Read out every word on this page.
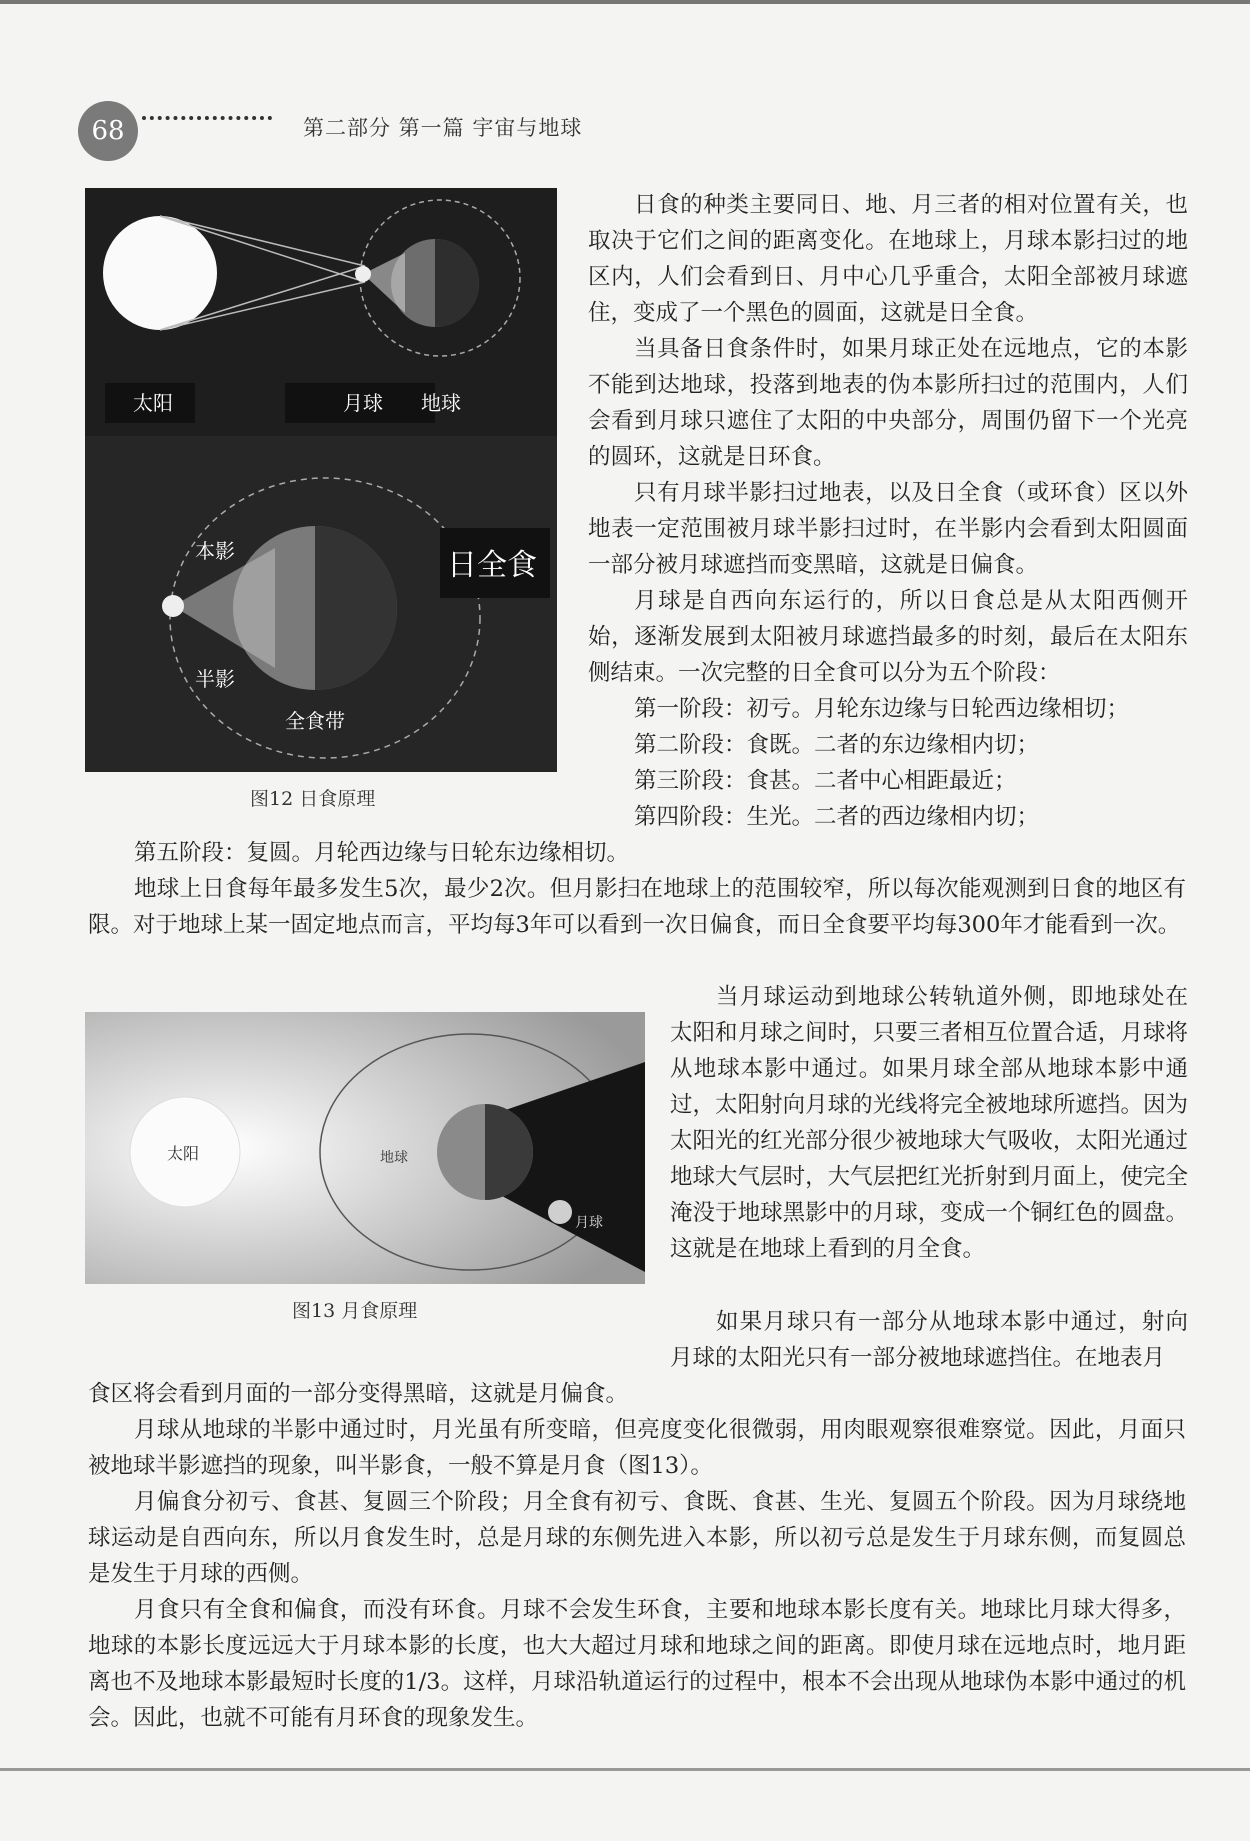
68	第二部分 第一篇 宇宙与地球
太阳	月球 地球
本影
半影
全食带
日全食
图12 日食原理

日食的种类主要同日、地、月三者的相对位置有关，也取决于它们之间的距离变化。在地球上，月球本影扫过的地区内，人们会看到日、月中心几乎重合，太阳全部被月球遮住，变成了一个黑色的圆面，这就是日全食。

当具备日食条件时，如果月球正处在远地点，它的本影不能到达地球，投落到地表的伪本影所扫过的范围内，人们会看到月球只遮住了太阳的中央部分，周围仍留下一个光亮的圆环，这就是日环食。

只有月球半影扫过地表，以及日全食（或环食）区以外地表一定范围被月球半影扫过时，在半影内会看到太阳圆面一部分被月球遮挡而变黑暗，这就是日偏食。

月球是自西向东运行的，所以日食总是从太阳西侧开始，逐渐发展到太阳被月球遮挡最多的时刻，最后在太阳东侧结束。一次完整的日全食可以分为五个阶段：

第一阶段：初亏。月轮东边缘与日轮西边缘相切；

第二阶段：食既。二者的东边缘相内切；

第三阶段：食甚。二者中心相距最近；

第四阶段：生光。二者的西边缘相内切；

第五阶段：复圆。月轮西边缘与日轮东边缘相切。

地球上日食每年最多发生5次，最少2次。但月影扫在地球上的范围较窄，所以每次能观测到日食的地区有限。对于地球上某一固定地点而言，平均每3年可以看到一次日偏食，而日全食要平均每300年才能看到一次。

太阳	地球
月球
图13 月食原理

当月球运动到地球公转轨道外侧，即地球处在太阳和月球之间时，只要三者相互位置合适，月球将从地球本影中通过。如果月球全部从地球本影中通过，太阳射向月球的光线将完全被地球所遮挡。因为太阳光的红光部分很少被地球大气吸收，太阳光通过地球大气层时，大气层把红光折射到月面上，使完全淹没于地球黑影中的月球，变成一个铜红色的圆盘。这就是在地球上看到的月全食。

如果月球只有一部分从地球本影中通过，射向月球的太阳光只有一部分被地球遮挡住。在地表月

食区将会看到月面的一部分变得黑暗，这就是月偏食。

月球从地球的半影中通过时，月光虽有所变暗，但亮度变化很微弱，用肉眼观察很难察觉。因此，月面只被地球半影遮挡的现象，叫半影食，一般不算是月食（图13）。

月偏食分初亏、食甚、复圆三个阶段；月全食有初亏、食既、食甚、生光、复圆五个阶段。因为月球绕地球运动是自西向东，所以月食发生时，总是月球的东侧先进入本影，所以初亏总是发生于月球东侧，而复圆总是发生于月球的西侧。

月食只有全食和偏食，而没有环食。月球不会发生环食，主要和地球本影长度有关。地球比月球大得多，地球的本影长度远远大于月球本影的长度，也大大超过月球和地球之间的距离。即使月球在远地点时，地月距离也不及地球本影最短时长度的1/3。这样，月球沿轨道运行的过程中，根本不会出现从地球伪本影中通过的机会。因此，也就不可能有月环食的现象发生。
